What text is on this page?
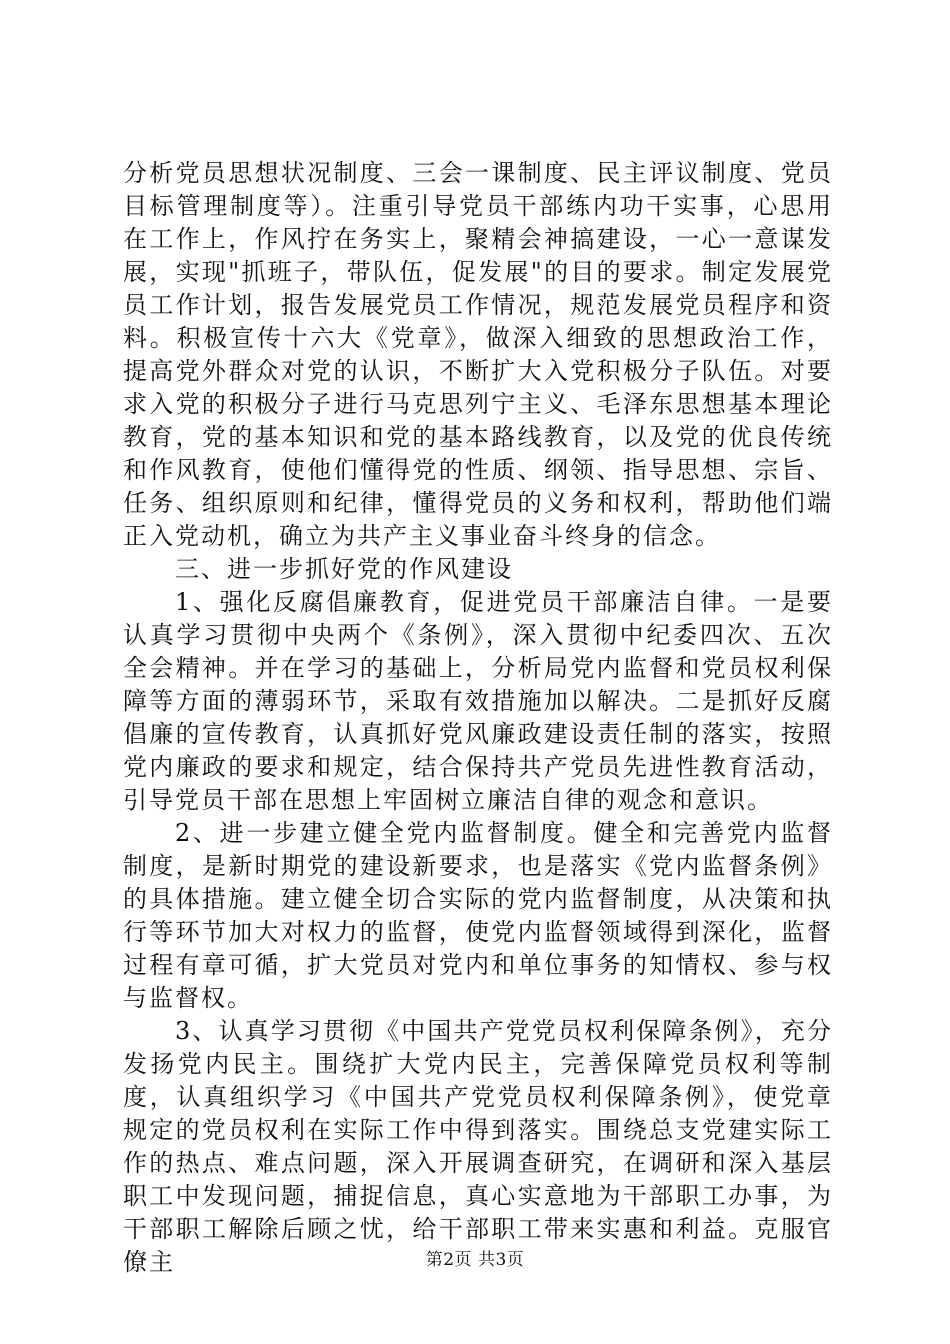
分析党员思想状况制度、三会一课制度、民主评议制度、党员目标管理制度等）。注重引导党员干部练内功干实事，心思用在工作上，作风拧在务实上，聚精会神搞建设，一心一意谋发展，实现"抓班子，带队伍，促发展"的目的要求。制定发展党员工作计划，报告发展党员工作情况，规范发展党员程序和资料。积极宣传十六大《党章》，做深入细致的思想政治工作，提高党外群众对党的认识，不断扩大入党积极分子队伍。对要求入党的积极分子进行马克思列宁主义、毛泽东思想基本理论教育，党的基本知识和党的基本路线教育，以及党的优良传统和作风教育，使他们懂得党的性质、纲领、指导思想、宗旨、任务、组织原则和纪律，懂得党员的义务和权利，帮助他们端正入党动机，确立为共产主义事业奋斗终身的信念。

三、进一步抓好党的作风建设

1、强化反腐倡廉教育，促进党员干部廉洁自律。一是要认真学习贯彻中央两个《条例》，深入贯彻中纪委四次、五次全会精神。并在学习的基础上，分析局党内监督和党员权利保障等方面的薄弱环节，采取有效措施加以解决。二是抓好反腐倡廉的宣传教育，认真抓好党风廉政建设责任制的落实，按照党内廉政的要求和规定，结合保持共产党员先进性教育活动，引导党员干部在思想上牢固树立廉洁自律的观念和意识。

2、进一步建立健全党内监督制度。健全和完善党内监督制度，是新时期党的建设新要求，也是落实《党内监督条例》的具体措施。建立健全切合实际的党内监督制度，从决策和执行等环节加大对权力的监督，使党内监督领域得到深化，监督过程有章可循，扩大党员对党内和单位事务的知情权、参与权与监督权。

3、认真学习贯彻《中国共产党党员权利保障条例》，充分发扬党内民主。围绕扩大党内民主，完善保障党员权利等制度，认真组织学习《中国共产党党员权利保障条例》，使党章规定的党员权利在实际工作中得到落实。围绕总支党建实际工作的热点、难点问题，深入开展调查研究，在调研和深入基层职工中发现问题，捕捉信息，真心实意地为干部职工办事，为干部职工解除后顾之忧，给干部职工带来实惠和利益。克服官僚主	第2页 共3页
